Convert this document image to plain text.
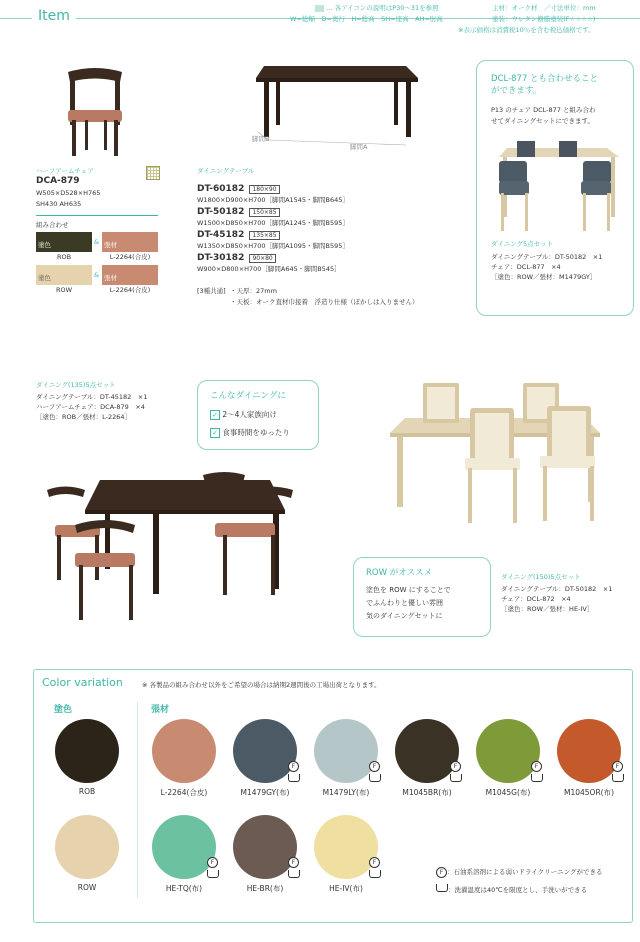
Item	… 各アイコンの説明はP30～31を参照
W=総幅　D=奥行　H=総高　SH=座高　AH=肘高
主材：オーク材　／寸法単位：mm
塗装：ウレタン樹脂塗装(F☆☆☆☆)
※表示価格は消費税10％を含む税込価格です。
ハーフアームチェア
DCA-879
W505×D528×H765
SH430 AH635
組み合わせ
塗色
ROB
& 張材
L-2264(合皮)
塗色
ROW
& 張材
L-2264(合皮)
脚間B
脚間A
ダイニングテーブル
DT-60182 180×90
W1800×D900×H700［脚間A1545・脚間B645］
DT-50182 150×85
W1500×D850×H700［脚間A1245・脚間B595］
DT-45182 135×85
W1350×D850×H700［脚間A1095・脚間B595］
DT-30182 90×80
W900×D800×H700［脚間A645・脚間B545］
[3種共通] ・天厚：27mm
・天板：オーク直材巾接着　浮造り仕様（ぼかしは入りません）
DCL-877 とも合わせること
ができます。
P13 のチェア DCL-877 と組み合わ
せてダイニングセットにできます。
ダイニング5点セット
ダイニングテーブル：DT-50182　×1
チェア：DCL-877　×4
［塗色：ROW／張材：M1479GY］
ダイニング(135)5点セット
ダイニングテーブル：DT-45182　×1
ハーフアームチェア：DCA-879　×4
［塗色：ROB／張材：L-2264］
こんなダイニングに
✓ 2～4人家族向け
✓ 食事時間をゆったり
ROW がオススメ
塗色を ROW にすることで
でふんわりと優しい雰囲
気のダイニングセットに
ダイニング(150)5点セット
ダイニングテーブル：DT-50182　×1
チェア：DCL-872　×4
［塗色：ROW／張材：HE-IV］
Color variation	※ 各製品の組み合わせ以外をご希望の場合は納期2週間後の工場出荷となります。
塗色	張材
ROB
ROW
L-2264(合皮)
F
M1479GY(布)
F
M1479LY(布)
F
M1045BR(布)
F
M1045G(布)
F
M1045OR(布)
F
HE-TQ(布)
F
HE-BR(布)
F
HE-IV(布)
F ：石油系溶剤による弱いドライクリーニングができる
：洗濯温度は40℃を限度とし、手洗いができる
